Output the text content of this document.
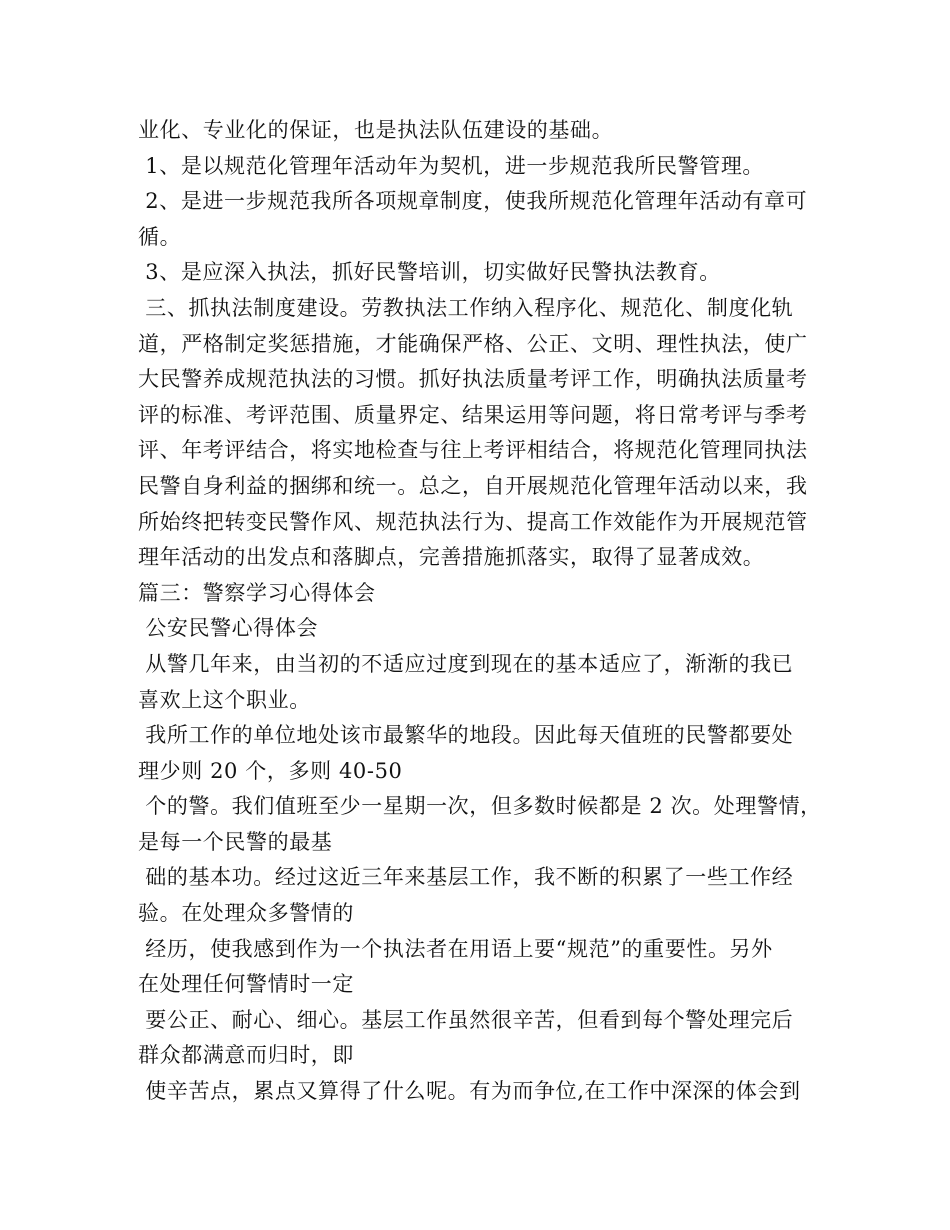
业化、专业化的保证，也是执法队伍建设的基础。
1、是以规范化管理年活动年为契机，进一步规范我所民警管理。
2、是进一步规范我所各项规章制度，使我所规范化管理年活动有章可
循。
3、是应深入执法，抓好民警培训，切实做好民警执法教育。
三、抓执法制度建设。劳教执法工作纳入程序化、规范化、制度化轨
道，严格制定奖惩措施，才能确保严格、公正、文明、理性执法，使广
大民警养成规范执法的习惯。抓好执法质量考评工作，明确执法质量考
评的标准、考评范围、质量界定、结果运用等问题，将日常考评与季考
评、年考评结合，将实地检查与往上考评相结合，将规范化管理同执法
民警自身利益的捆绑和统一。总之，自开展规范化管理年活动以来，我
所始终把转变民警作风、规范执法行为、提高工作效能作为开展规范管
理年活动的出发点和落脚点，完善措施抓落实，取得了显著成效。
篇三：警察学习心得体会
公安民警心得体会
从警几年来，由当初的不适应过度到现在的基本适应了，渐渐的我已
喜欢上这个职业。
我所工作的单位地处该市最繁华的地段。因此每天值班的民警都要处
理少则 20 个，多则 40-50
个的警。我们值班至少一星期一次，但多数时候都是 2 次。处理警情，
是每一个民警的最基
础的基本功。经过这近三年来基层工作，我不断的积累了一些工作经
验。在处理众多警情的
经历，使我感到作为一个执法者在用语上要“规范”的重要性。另外
在处理任何警情时一定
要公正、耐心、细心。基层工作虽然很辛苦，但看到每个警处理完后
群众都满意而归时，即
使辛苦点，累点又算得了什么呢。有为而争位,在工作中深深的体会到
